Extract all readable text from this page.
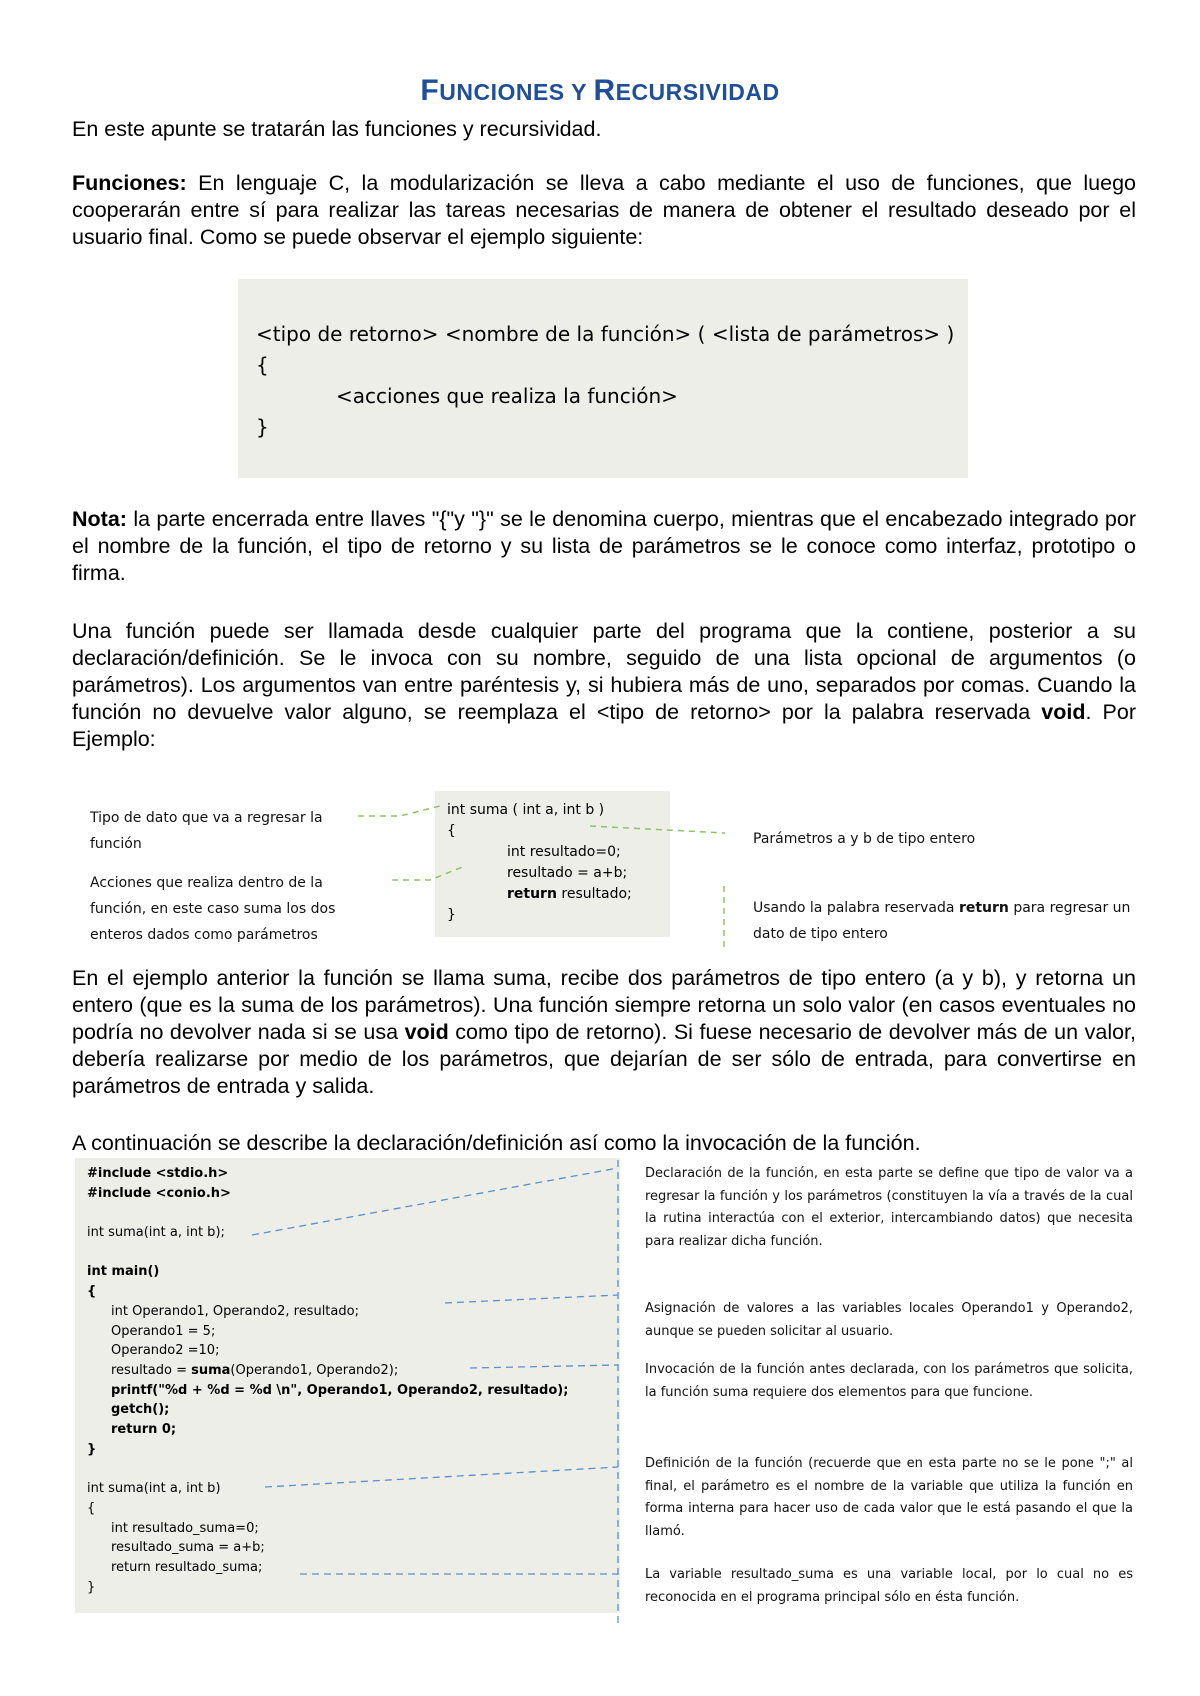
FUNCIONES Y RECURSIVIDAD

En este apunte se tratarán las funciones y recursividad.

Funciones: En lenguaje C, la modularización se lleva a cabo mediante el uso de funciones, que luego cooperarán entre sí para realizar las tareas necesarias de manera de obtener el resultado deseado por el usuario final. Como se puede observar el ejemplo siguiente:

<tipo de retorno> <nombre de la función> ( <lista de parámetros> )
{
<acciones que realiza la función>
}

Nota: la parte encerrada entre llaves "{"y "}" se le denomina cuerpo, mientras que el encabezado integrado por el nombre de la función, el tipo de retorno y su lista de parámetros se le conoce como interfaz, prototipo o firma.

Una función puede ser llamada desde cualquier parte del programa que la contiene, posterior a su declaración/definición. Se le invoca con su nombre, seguido de una lista opcional de argumentos (o parámetros). Los argumentos van entre paréntesis y, si hubiera más de uno, separados por comas. Cuando la función no devuelve valor alguno, se reemplaza el <tipo de retorno> por la palabra reservada void. Por Ejemplo:

Tipo de dato que va a regresar la función
Acciones que realiza dentro de la función, en este caso suma los dos enteros dados como parámetros
int suma ( int a, int b )
{
int resultado=0;
resultado = a+b;
return resultado;
}
Parámetros a y b de tipo entero
Usando la palabra reservada return para regresar un dato de tipo entero

En el ejemplo anterior la función se llama suma, recibe dos parámetros de tipo entero (a y b), y retorna un entero (que es la suma de los parámetros). Una función siempre retorna un solo valor (en casos eventuales no podría no devolver nada si se usa void como tipo de retorno). Si fuese necesario de devolver más de un valor, debería realizarse por medio de los parámetros, que dejarían de ser sólo de entrada, para convertirse en parámetros de entrada y salida.

A continuación se describe la declaración/definición así como la invocación de la función.

#include <stdio.h>
#include <conio.h>
int suma(int a, int b);
int main()
{
int Operando1, Operando2, resultado;
Operando1 = 5;
Operando2 =10;
resultado = suma(Operando1, Operando2);
printf("%d + %d = %d \n", Operando1, Operando2, resultado);
getch();
return 0;
}
int suma(int a, int b)
{
int resultado_suma=0;
resultado_suma = a+b;
return resultado_suma;
}
Declaración de la función, en esta parte se define que tipo de valor va a regresar la función y los parámetros (constituyen la vía a través de la cual la rutina interactúa con el exterior, intercambiando datos) que necesita para realizar dicha función.
Asignación de valores a las variables locales Operando1 y Operando2, aunque se pueden solicitar al usuario.
Invocación de la función antes declarada, con los parámetros que solicita, la función suma requiere dos elementos para que funcione.
Definición de la función (recuerde que en esta parte no se le pone ";" al final, el parámetro es el nombre de la variable que utiliza la función en forma interna para hacer uso de cada valor que le está pasando el que la llamó.
La variable resultado_suma es una variable local, por lo cual no es reconocida en el programa principal sólo en ésta función.
